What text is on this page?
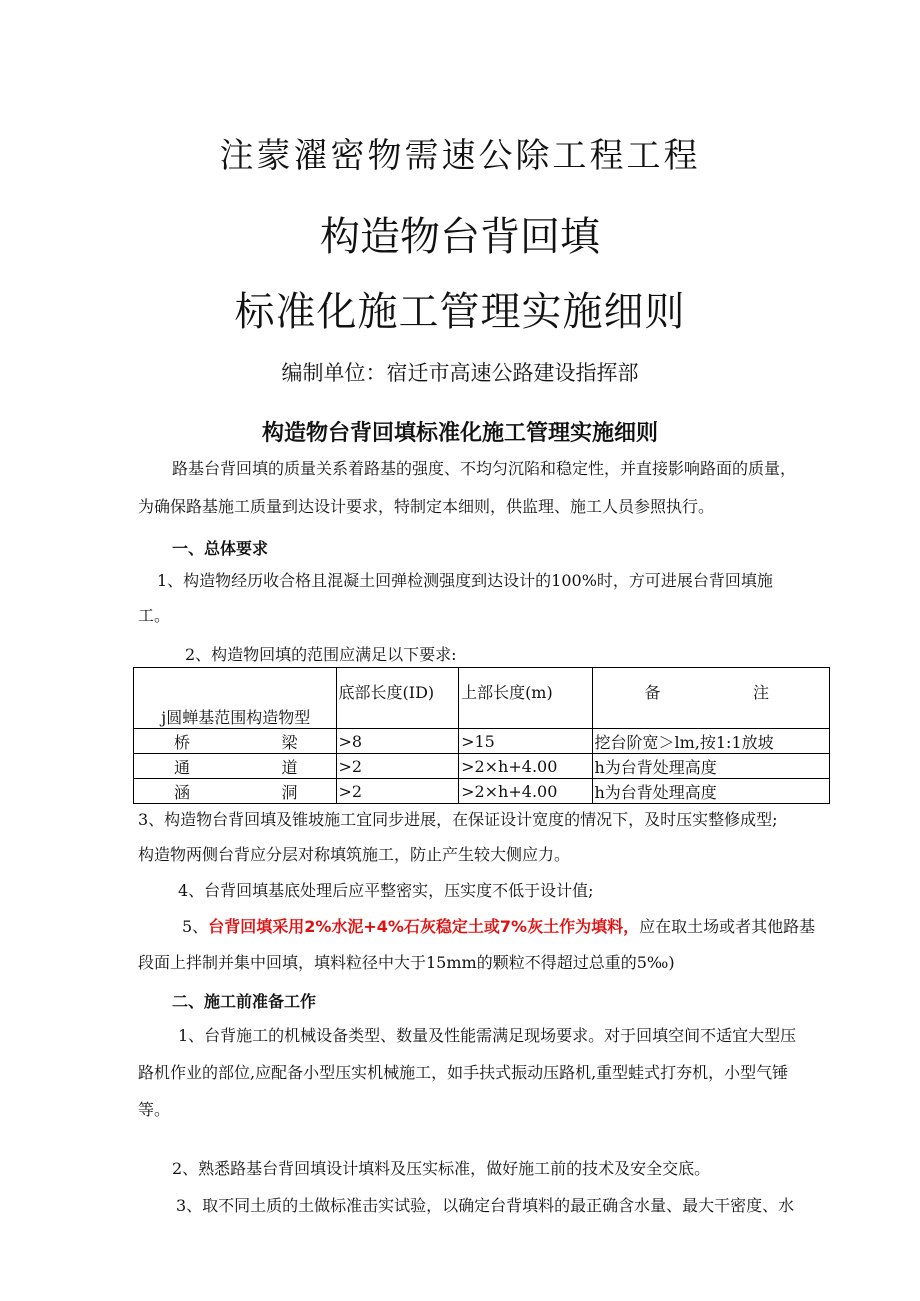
注蒙濯密物需速公除工程工程
构造物台背回填
标准化施工管理实施细则
编制单位：宿迁市高速公路建设指挥部
构造物台背回填标准化施工管理实施细则
路基台背回填的质量关系着路基的强度、不均匀沉陷和稳定性，并直接影响路面的质量，
为确保路基施工质量到达设计要求，特制定本细则，供监理、施工人员参照执行。
一、总体要求
1、构造物经历收合格且混凝土回弹检测强度到达设计的100%时，方可进展台背回填施
工。
2、构造物回填的范围应满足以下要求:
j圆蝉基范围构造物型	底部长度(ID)	上部长度(m)	备 注

桥 梁	>8	>15	挖台阶宽＞lm,按1:1放坡

通 道	>2	>2×h+4.00	h为台背处理高度

涵 洞	>2	>2×h+4.00	h为台背处理高度
3、构造物台背回填及锥坡施工宜同步进展，在保证设计宽度的情况下，及时压实整修成型;
构造物两侧台背应分层对称填筑施工，防止产生较大侧应力。
4、台背回填基底处理后应平整密实，压实度不低于设计值;
5、台背回填采用2%水泥+4%石灰稳定土或7%灰土作为填料，应在取土场或者其他路基
段面上拌制并集中回填，填料粒径中大于15mm的颗粒不得超过总重的5‰)
二、施工前准备工作
1、台背施工的机械设备类型、数量及性能需满足现场要求。对于回填空间不适宜大型压
路机作业的部位,应配备小型压实机械施工，如手扶式振动压路机,重型蛙式打夯机，小型气锤
等。
2、熟悉路基台背回填设计填料及压实标准，做好施工前的技术及安全交底。
3、取不同土质的土做标准击实试验，以确定台背填料的最正确含水量、最大干密度、水
